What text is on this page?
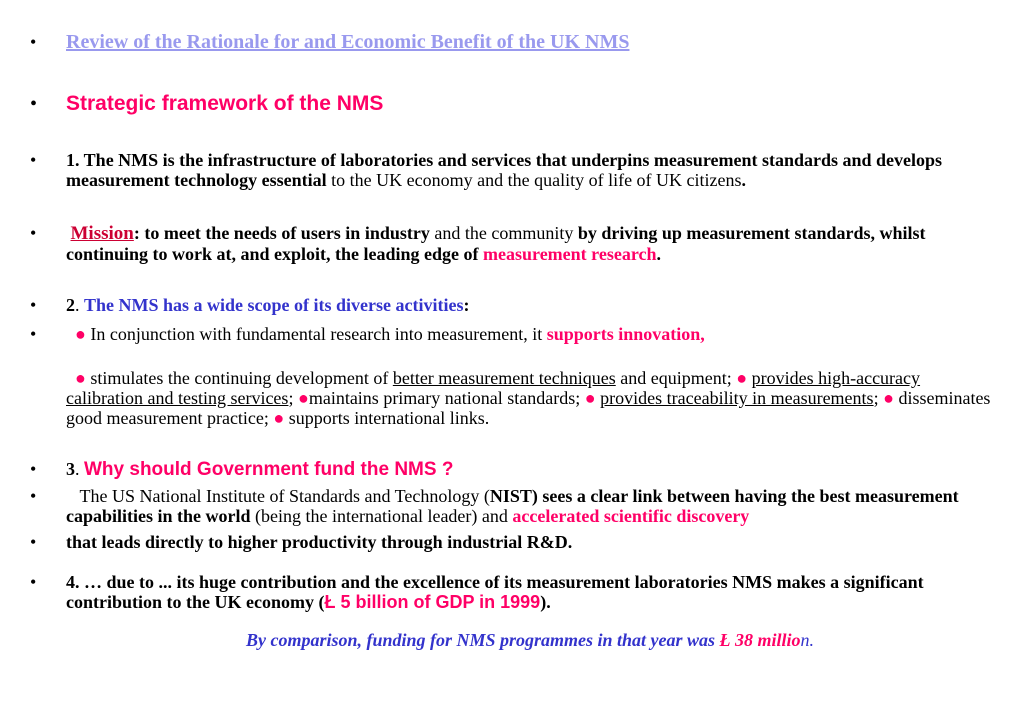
• Review of the Rationale for and Economic Benefit of the UK NMS
• Strategic framework of the NMS
• 1. The NMS is the infrastructure of laboratories and services that underpins measurement standards and develops measurement technology essential to the UK economy and the quality of life of UK citizens.
• Mission: to meet the needs of users in industry and the community by driving up measurement standards, whilst continuing to work at, and exploit, the leading edge of measurement research.
• 2. The NMS has a wide scope of its diverse activities:
•	● In conjunction with fundamental research into measurement, it supports innovation,
● stimulates the continuing development of better measurement techniques and equipment; ● provides high-accuracy calibration and testing services; ●maintains primary national standards; ● provides traceability in measurements; ● disseminates good measurement practice; ● supports international links.
• 3. Why should Government fund the NMS ?
• The US National Institute of Standards and Technology (NIST) sees a clear link between having the best measurement capabilities in the world (being the international leader) and accelerated scientific discovery
• that leads directly to higher productivity through industrial R&D.
• 4. … due to ... its huge contribution and the excellence of its measurement laboratories NMS makes a significant contribution to the UK economy (Ł 5 billion of GDP in 1999).
By comparison, funding for NMS programmes in that year was Ł 38 million.
